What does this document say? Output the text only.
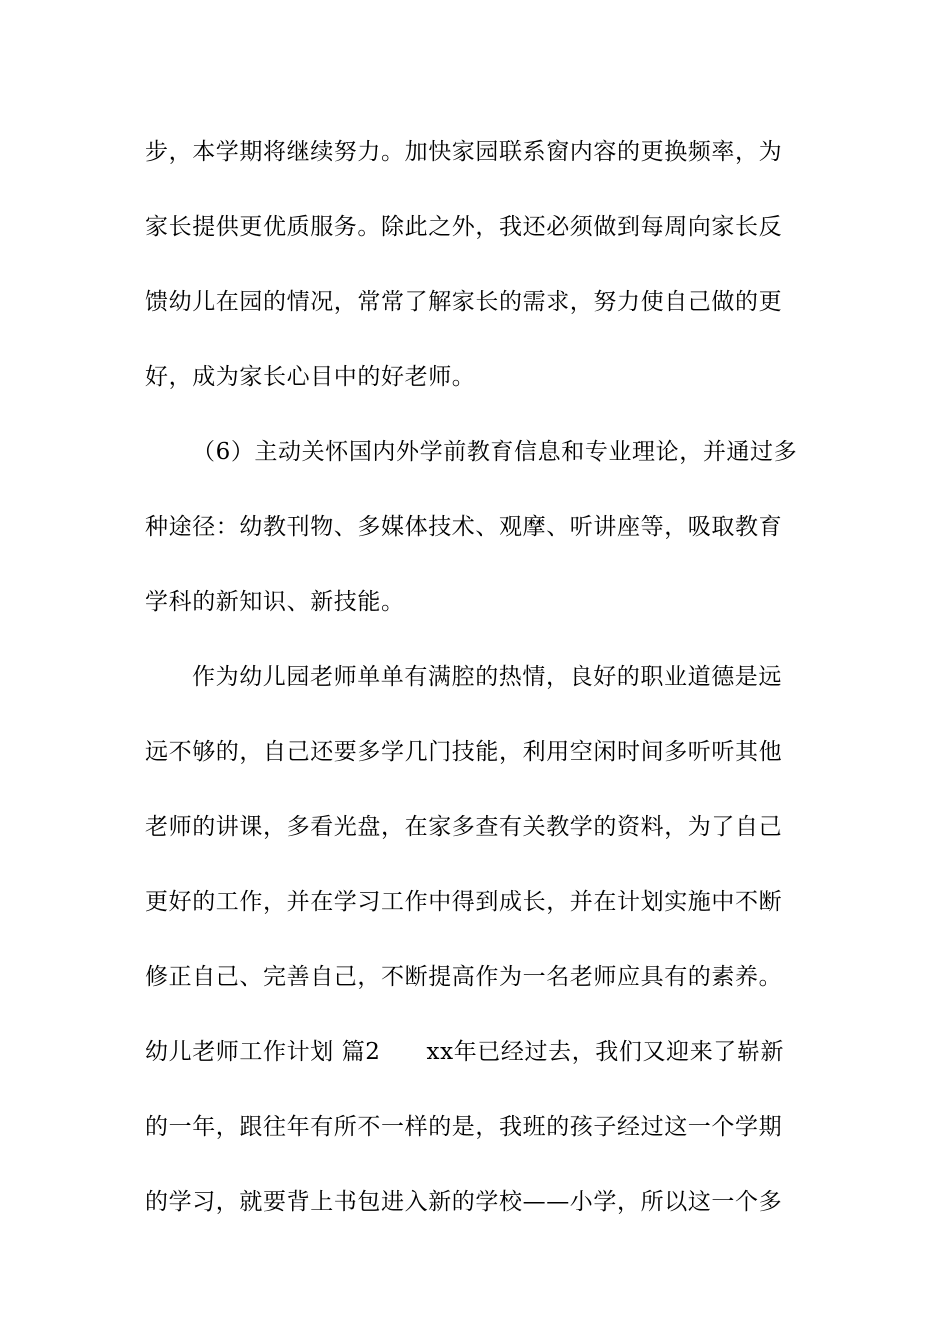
步，本学期将继续努力。加快家园联系窗内容的更换频率，为
家长提供更优质服务。除此之外，我还必须做到每周向家长反
馈幼儿在园的情况，常常了解家长的需求，努力使自己做的更
好，成为家长心目中的好老师。
（6）主动关怀国内外学前教育信息和专业理论，并通过多
种途径：幼教刊物、多媒体技术、观摩、听讲座等，吸取教育
学科的新知识、新技能。
作为幼儿园老师单单有满腔的热情，良好的职业道德是远
远不够的，自己还要多学几门技能，利用空闲时间多听听其他
老师的讲课，多看光盘，在家多查有关教学的资料，为了自己
更好的工作，并在学习工作中得到成长，并在计划实施中不断
修正自己、完善自己，不断提高作为一名老师应具有的素养。
幼儿老师工作计划 篇2 xx年已经过去，我们又迎来了崭新
的一年，跟往年有所不一样的是，我班的孩子经过这一个学期
的学习，就要背上书包进入新的学校——小学，所以这一个多
